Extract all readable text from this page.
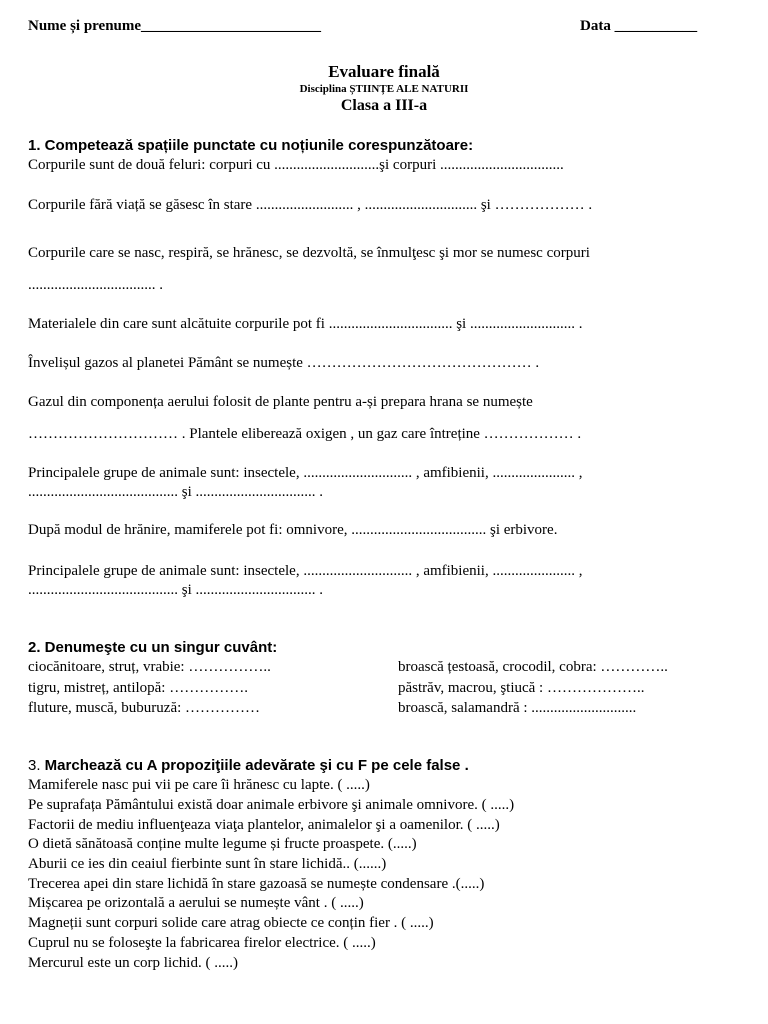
Nume și prenume________________________	Data ___________
Evaluare finală
Disciplina ȘTIINȚE ALE NATURII
Clasa a III-a
1. Competează spațiile punctate cu noțiunile corespunzătoare:
Corpurile sunt de două feluri: corpuri cu ............................şi corpuri .................................
Corpurile fără viață se găsesc în stare .......................... , .............................. şi ……………… .
Corpurile care se nasc, respiră, se hrănesc, se dezvoltă, se înmulţesc şi mor se numesc corpuri
.................................. .
Materialele din care sunt alcătuite corpurile pot fi ................................. şi ............................ .
Învelișul gazos al planetei Pământ se numește ……………………………………… .
Gazul din componența aerului folosit de plante pentru a-și prepara hrana se numește
………………………… . Plantele eliberează oxigen , un gaz care întreține ……………… .
Principalele grupe de animale sunt: insectele, ............................. , amfibienii, ...................... ,
........................................ şi ................................ .
După modul de hrănire, mamiferele pot fi: omnivore, .................................... şi erbivore.
Principalele grupe de animale sunt: insectele, ............................. , amfibienii, ...................... ,
........................................ şi ................................ .
2. Denumeşte cu un singur cuvânt:
ciocănitoare, struț, vrabie: ……………..
tigru, mistreț, antilopă: …………….
fluture, muscă, buburuză: ……………
broască țestoasă, crocodil, cobra: …………..
păstrăv, macrou, ştiucă : ………………..
broască, salamandră : ............................
3. Marchează cu A propoziţiile adevărate şi cu F pe cele false .
Mamiferele nasc pui vii pe care îi hrănesc cu lapte. ( .....)
Pe suprafața Pământului există doar animale erbivore şi animale omnivore. ( .....)
Factorii de mediu influenţeaza viaţa plantelor, animalelor şi a oamenilor. ( .....)
O dietă sănătoasă conține multe legume și fructe proaspete. (.....)
Aburii ce ies din ceaiul fierbinte sunt în stare lichidă.. (......)
Trecerea apei din stare lichidă în stare gazoasă se numește condensare .(.....)
Mișcarea pe orizontală a aerului se numește vânt . ( .....)
Magneții sunt corpuri solide care atrag obiecte ce conțin fier . ( .....)
Cuprul nu se foloseşte la fabricarea firelor electrice. ( .....)
Mercurul este un corp lichid. ( .....)
